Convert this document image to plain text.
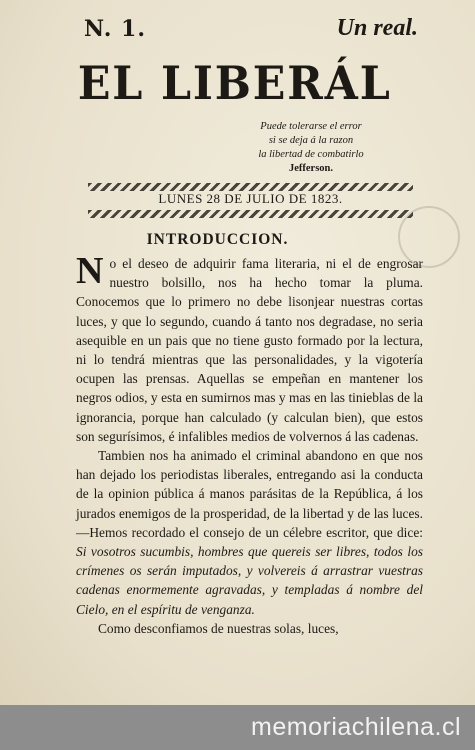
N. 1.	Un real.
EL LIBERÁL
Puede tolerarse el error
si se deja á la razon
la libertad de combatirlo
Jefferson.
LUNES 28 DE JULIO DE 1823.
INTRODUCCION.

No el deseo de adquirir fama literaria, ni el de engrosar nuestro bolsillo, nos ha hecho tomar la pluma. Conocemos que lo primero no debe lisonjear nuestras cortas luces, y que lo segundo, cuando á tanto nos degradase, no seria asequible en un pais que no tiene gusto formado por la lectura, ni lo tendrá mientras que las personalidades, y la vigotería ocupen las prensas. Aquellas se empeñan en mantener los negros odios, y esta en sumirnos mas y mas en las tinieblas de la ignorancia, porque han calculado (y calculan bien), que estos son segurísimos, é infalibles medios de volvernos á las cadenas.

Tambien nos ha animado el criminal abandono en que nos han dejado los periodistas liberales, entregando asi la conducta de la opinion pública á manos parásitas de la República, á los jurados enemigos de la prosperidad, de la libertad y de las luces.—Hemos recordado el consejo de un célebre escritor, que dice: Si vosotros sucumbis, hombres que quereis ser libres, todos los crímenes os serán imputados, y volvereis á arrastrar vuestras cadenas enormemente agravadas, y templadas á nombre del Cielo, en el espíritu de venganza.

Como desconfiamos de nuestras solas, luces,

memoriachilena.cl
